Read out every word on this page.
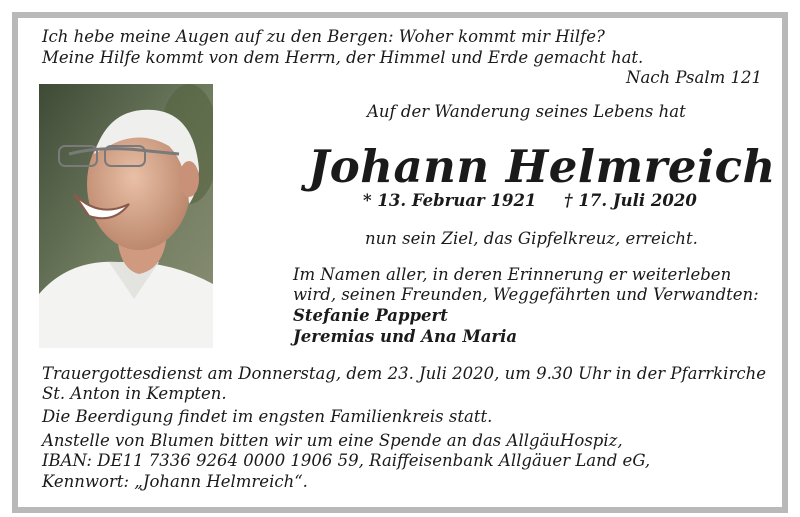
Ich hebe meine Augen auf zu den Bergen: Woher kommt mir Hilfe?
Meine Hilfe kommt von dem Herrn, der Himmel und Erde gemacht hat.
Nach Psalm 121
Auf der Wanderung seines Lebens hat
Johann Helmreich
* 13. Februar 1921 † 17. Juli 2020
nun sein Ziel, das Gipfelkreuz, erreicht.
Im Namen aller, in deren Erinnerung er weiterleben
wird, seinen Freunden, Weggefährten und Verwandten:
Stefanie Pappert
Jeremias und Ana Maria
Trauergottesdienst am Donnerstag, dem 23. Juli 2020, um 9.30 Uhr in der Pfarrkirche
St. Anton in Kempten.
Die Beerdigung findet im engsten Familienkreis statt.
Anstelle von Blumen bitten wir um eine Spende an das AllgäuHospiz,
IBAN: DE11 7336 9264 0000 1906 59, Raiffeisenbank Allgäuer Land eG,
Kennwort: „Johann Helmreich“.
